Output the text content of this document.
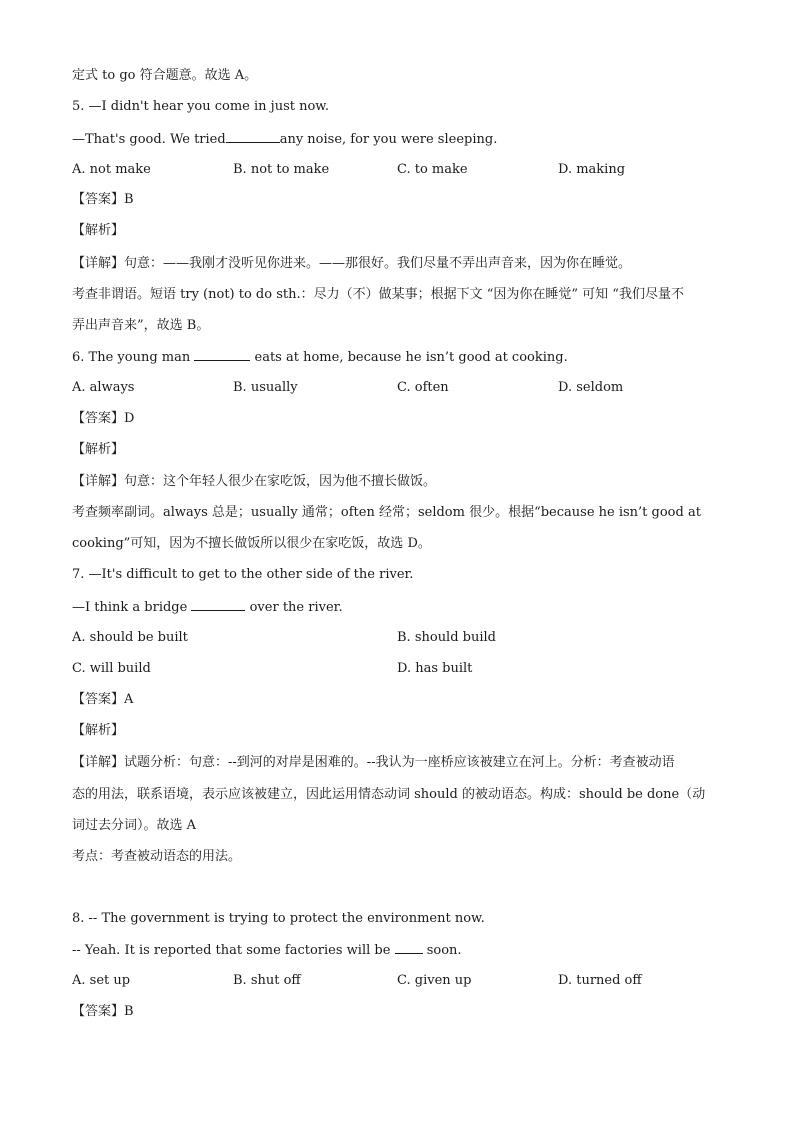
定式 to go 符合题意。故选 A。
5. —I didn't hear you come in just now.
—That's good. We tried	any noise, for you were sleeping.
A. not make	B. not to make	C. to make	D. making
【答案】B
【解析】
【详解】句意：——我刚才没听见你进来。——那很好。我们尽量不弄出声音来，因为你在睡觉。
考查非谓语。短语 try (not) to do sth.：尽力（不）做某事；根据下文 “因为你在睡觉” 可知 “我们尽量不
弄出声音来”，故选 B。
6. The young man	eats at home, because he isn’t good at cooking.
A. always	B. usually	C. often	D. seldom
【答案】D
【解析】
【详解】句意：这个年轻人很少在家吃饭，因为他不擅长做饭。
考查频率副词。always 总是；usually 通常；often 经常；seldom 很少。根据“because he isn’t good at
cooking”可知，因为不擅长做饭所以很少在家吃饭，故选 D。
7. —It's difficult to get to the other side of the river.
—I think a bridge	over the river.
A. should be built	B. should build
C. will build	D. has built
【答案】A
【解析】
【详解】试题分析：句意：--到河的对岸是困难的。--我认为一座桥应该被建立在河上。分析：考查被动语
态的用法，联系语境，表示应该被建立，因此运用情态动词 should 的被动语态。构成：should be done（动
词过去分词）。故选 A
考点：考查被动语态的用法。
8. -- The government is trying to protect the environment now.
-- Yeah. It is reported that some factories will be	soon.
A. set up	B. shut off	C. given up	D. turned off
【答案】B
